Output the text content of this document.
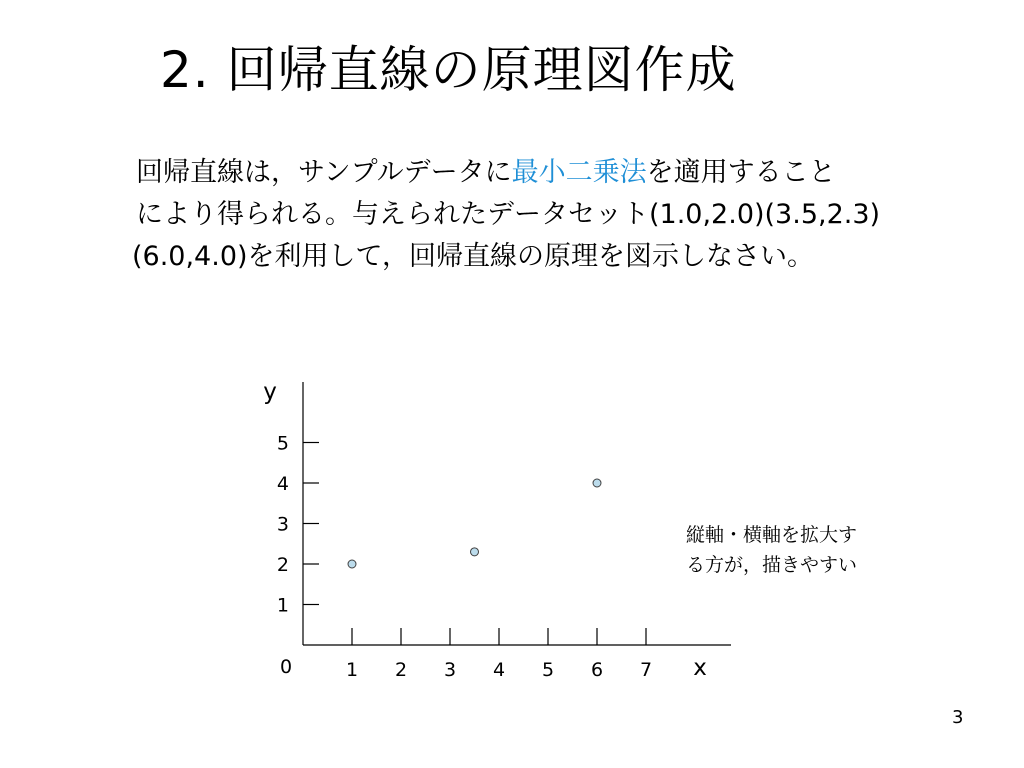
2. 回帰直線の原理図作成
回帰直線は，サンプルデータに最小二乗法を適用すること
により得られる。与えられたデータセット(1.0,2.0)(3.5,2.3)
(6.0,4.0)を利用して，回帰直線の原理を図示しなさい。
1 2 3 4 5 6 7
1
2
3
4
5
0	x
y
縦軸・横軸を拡大す
る方が，描きやすい
3
